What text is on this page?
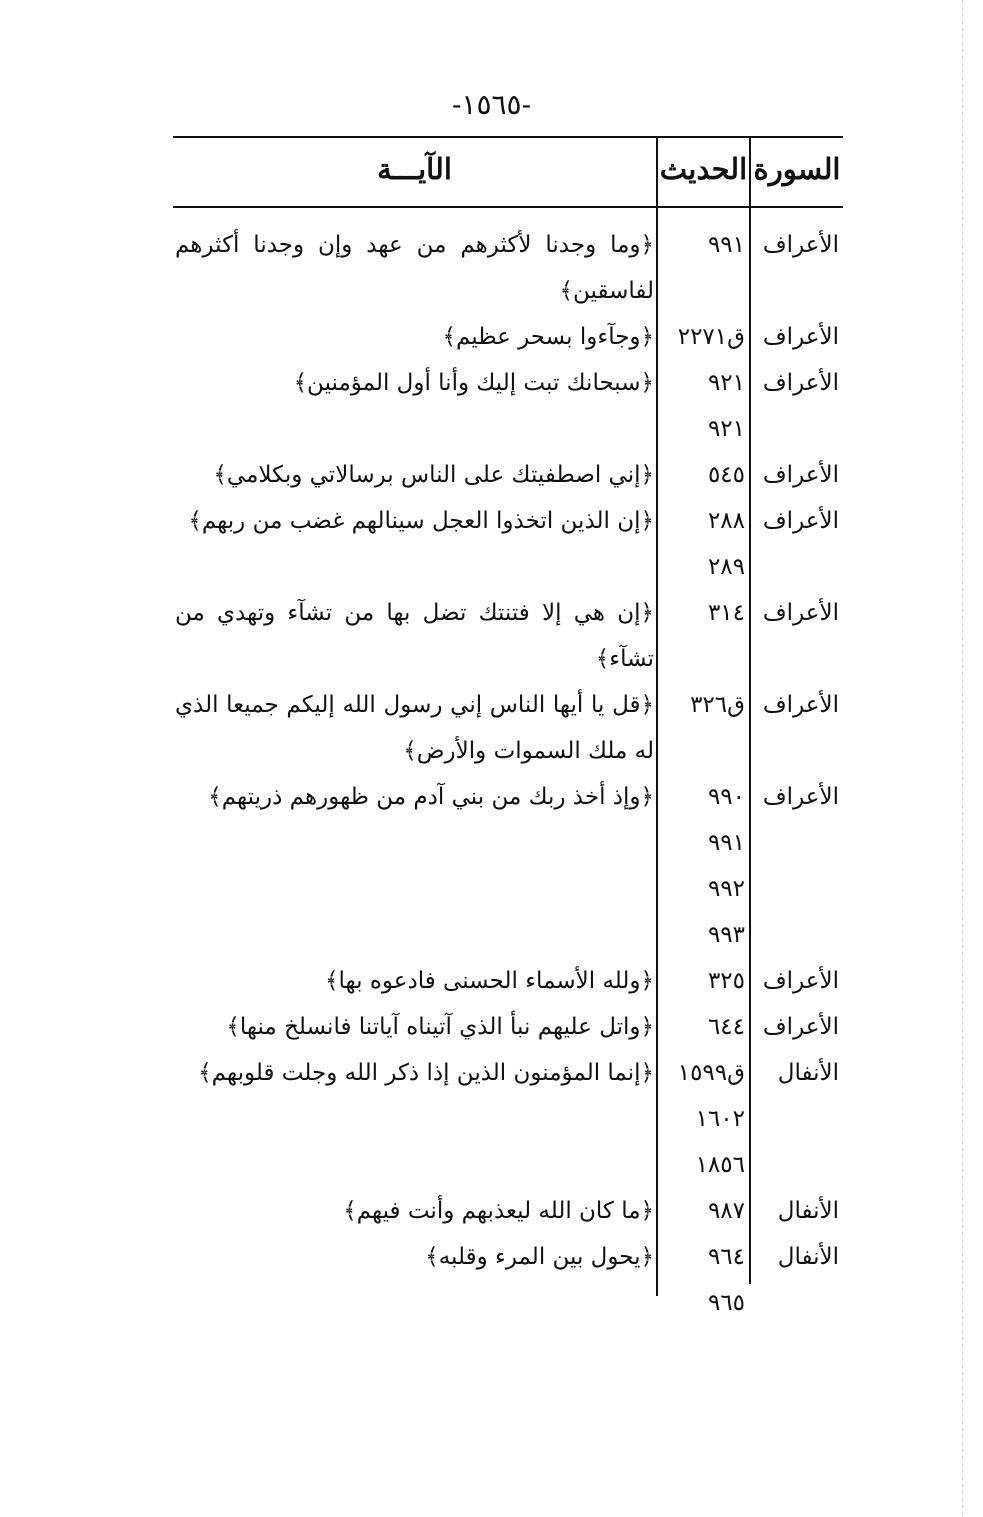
-١٥٦٥-
السورة
الحديث
الآيـــة
الأعراف
٩٩١
﴿وما وجدنا لأكثرهم من عهد وإن وجدنا أكثرهم لفاسقين﴾
الأعراف
ق٢٢٧١
﴿وجآءوا بسحر عظيم﴾
الأعراف
٩٢١
﴿سبحانك تبت إليك وأنا أول المؤمنين﴾
٩٢١
الأعراف
٥٤٥
﴿إني اصطفيتك على الناس برسالاتي وبكلامي﴾
الأعراف
٢٨٨
﴿إن الذين اتخذوا العجل سينالهم غضب من ربهم﴾
٢٨٩
الأعراف
٣١٤
﴿إن هي إلا فتنتك تضل بها من تشآء وتهدي من تشآء﴾
الأعراف
ق٣٢٦
﴿قل يا أيها الناس إني رسول الله إليكم جميعا الذي له ملك السموات والأرض﴾
الأعراف
٩٩٠
﴿وإذ أخذ ربك من بني آدم من ظهورهم ذريتهم﴾
٩٩١
٩٩٢
٩٩٣
الأعراف
٣٢٥
﴿ولله الأسماء الحسنى فادعوه بها﴾
الأعراف
٦٤٤
﴿واتل عليهم نبأ الذي آتيناه آياتنا فانسلخ منها﴾
الأنفال
ق١٥٩٩
﴿إنما المؤمنون الذين إذا ذكر الله وجلت قلوبهم﴾
١٦٠٢
١٨٥٦
الأنفال
٩٨٧
﴿ما كان الله ليعذبهم وأنت فيهم﴾
الأنفال
٩٦٤
﴿يحول بين المرء وقلبه﴾
٩٦٥
